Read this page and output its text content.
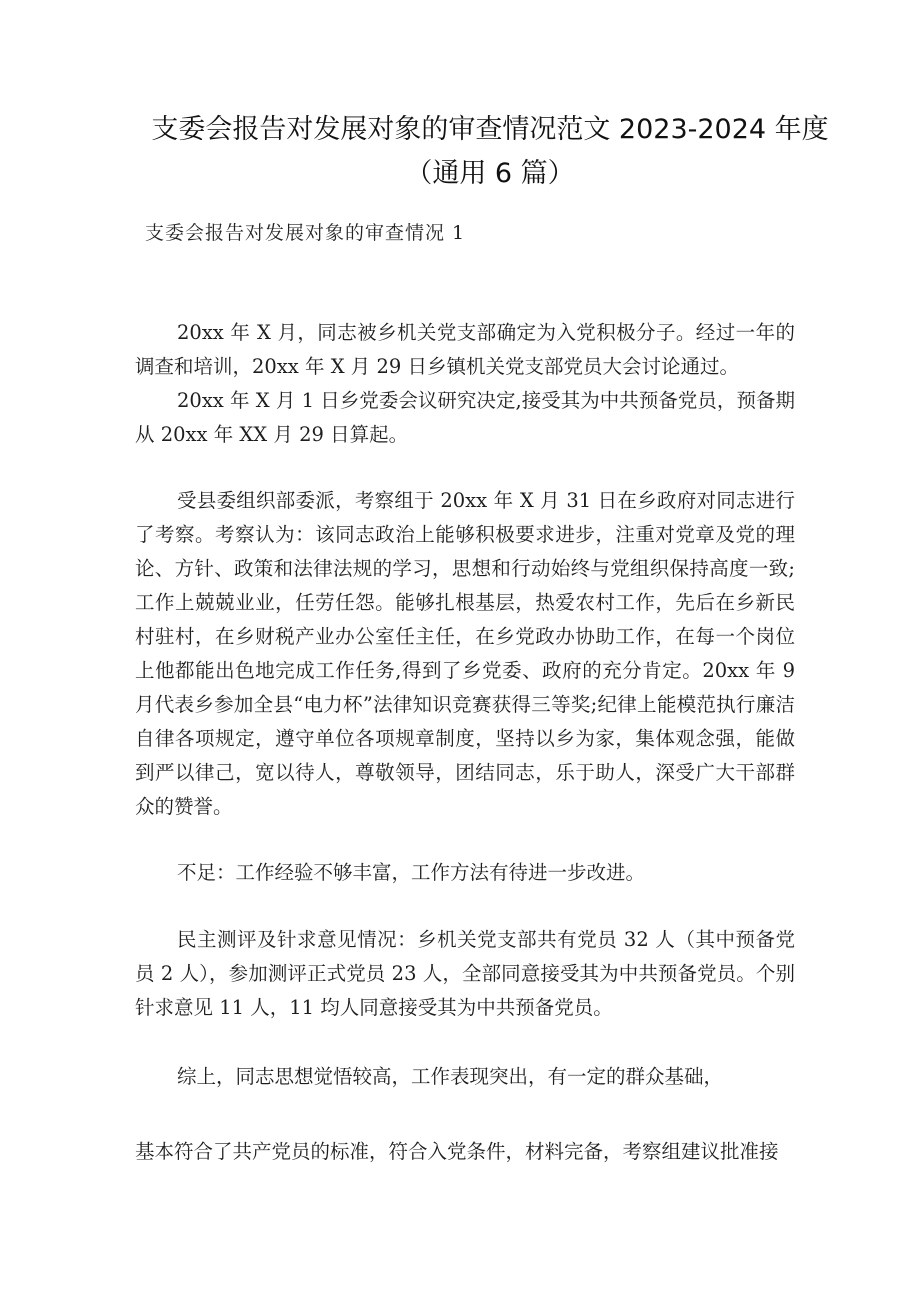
支委会报告对发展对象的审查情况范文 2023-2024 年度（通用 6 篇）
支委会报告对发展对象的审查情况 1

20xx 年 X 月，同志被乡机关党支部确定为入党积极分子。经过一年的调查和培训，20xx 年 X 月 29 日乡镇机关党支部党员大会讨论通过。

20xx 年 X 月 1 日乡党委会议研究决定,接受其为中共预备党员，预备期从 20xx 年 XX 月 29 日算起。

受县委组织部委派，考察组于 20xx 年 X 月 31 日在乡政府对同志进行了考察。考察认为：该同志政治上能够积极要求进步，注重对党章及党的理论、方针、政策和法律法规的学习，思想和行动始终与党组织保持高度一致;工作上兢兢业业，任劳任怨。能够扎根基层，热爱农村工作，先后在乡新民村驻村，在乡财税产业办公室任主任，在乡党政办协助工作，在每一个岗位上他都能出色地完成工作任务,得到了乡党委、政府的充分肯定。20xx 年 9 月代表乡参加全县“电力杯”法律知识竞赛获得三等奖;纪律上能模范执行廉洁自律各项规定，遵守单位各项规章制度，坚持以乡为家，集体观念强，能做到严以律己，宽以待人，尊敬领导，团结同志，乐于助人，深受广大干部群众的赞誉。

不足：工作经验不够丰富，工作方法有待进一步改进。

民主测评及针求意见情况：乡机关党支部共有党员 32 人（其中预备党员 2 人），参加测评正式党员 23 人，全部同意接受其为中共预备党员。个别针求意见 11 人，11 均人同意接受其为中共预备党员。

综上，同志思想觉悟较高，工作表现突出，有一定的群众基础，

基本符合了共产党员的标准，符合入党条件，材料完备，考察组建议批准接
